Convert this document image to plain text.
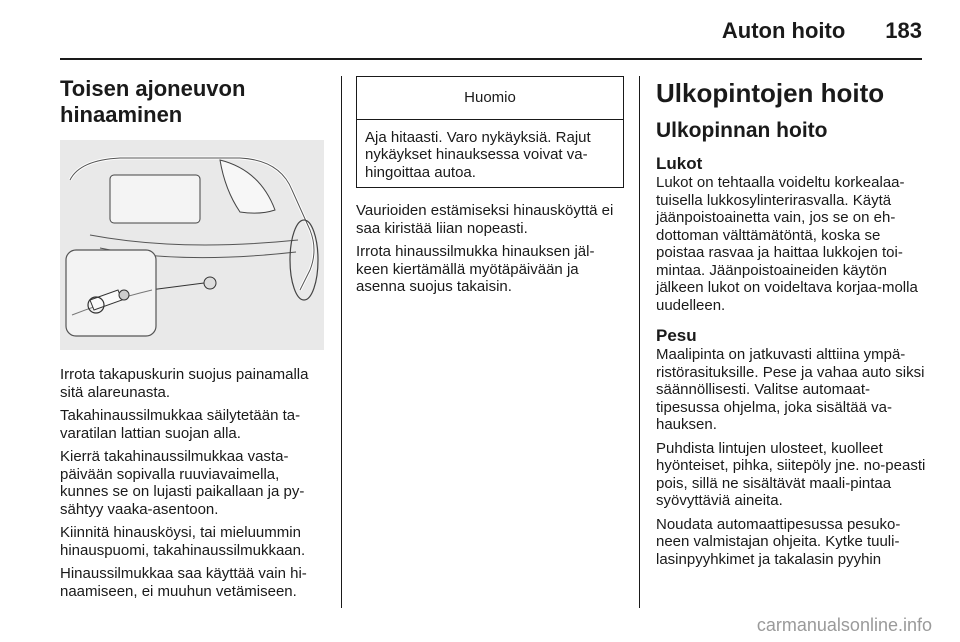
Auton hoito 183
Toisen ajoneuvon hinaaminen

Irrota takapuskurin suojus painamalla sitä alareunasta.

Takahinaussilmukkaa säilytetään ta-varatilan lattian suojan alla.

Kierrä takahinaussilmukkaa vasta-päivään sopivalla ruuviavaimella, kunnes se on lujasti paikallaan ja py-sähtyy vaaka-asentoon.

Kiinnitä hinausköysi, tai mieluummin hinauspuomi, takahinaussilmukkaan.

Hinaussilmukkaa saa käyttää vain hi-naamiseen, ei muuhun vetämiseen.

Huomio
Aja hitaasti. Varo nykäyksiä. Rajut nykäykset hinauksessa voivat va-hingoittaa autoa.

Vaurioiden estämiseksi hinausköyttä ei saa kiristää liian nopeasti.

Irrota hinaussilmukka hinauksen jäl-keen kiertämällä myötäpäivään ja asenna suojus takaisin.

Ulkopintojen hoito
Ulkopinnan hoito
Lukot

Lukot on tehtaalla voideltu korkealaa-tuisella lukkosylinterirasvalla. Käytä jäänpoistoainetta vain, jos se on eh-dottoman välttämätöntä, koska se poistaa rasvaa ja haittaa lukkojen toi-mintaa. Jäänpoistoaineiden käytön jälkeen lukot on voideltava korjaa-molla uudelleen.

Pesu

Maalipinta on jatkuvasti alttiina ympä-ristörasituksille. Pese ja vahaa auto siksi säännöllisesti. Valitse automaat-tipesussa ohjelma, joka sisältää va-hauksen.

Puhdista lintujen ulosteet, kuolleet hyönteiset, pihka, siitepöly jne. no-peasti pois, sillä ne sisältävät maali-pintaa syövyttäviä aineita.

Noudata automaattipesussa pesuko-neen valmistajan ohjeita. Kytke tuuli-lasinpyyhkimet ja takalasin pyyhin

carmanualsonline.info
